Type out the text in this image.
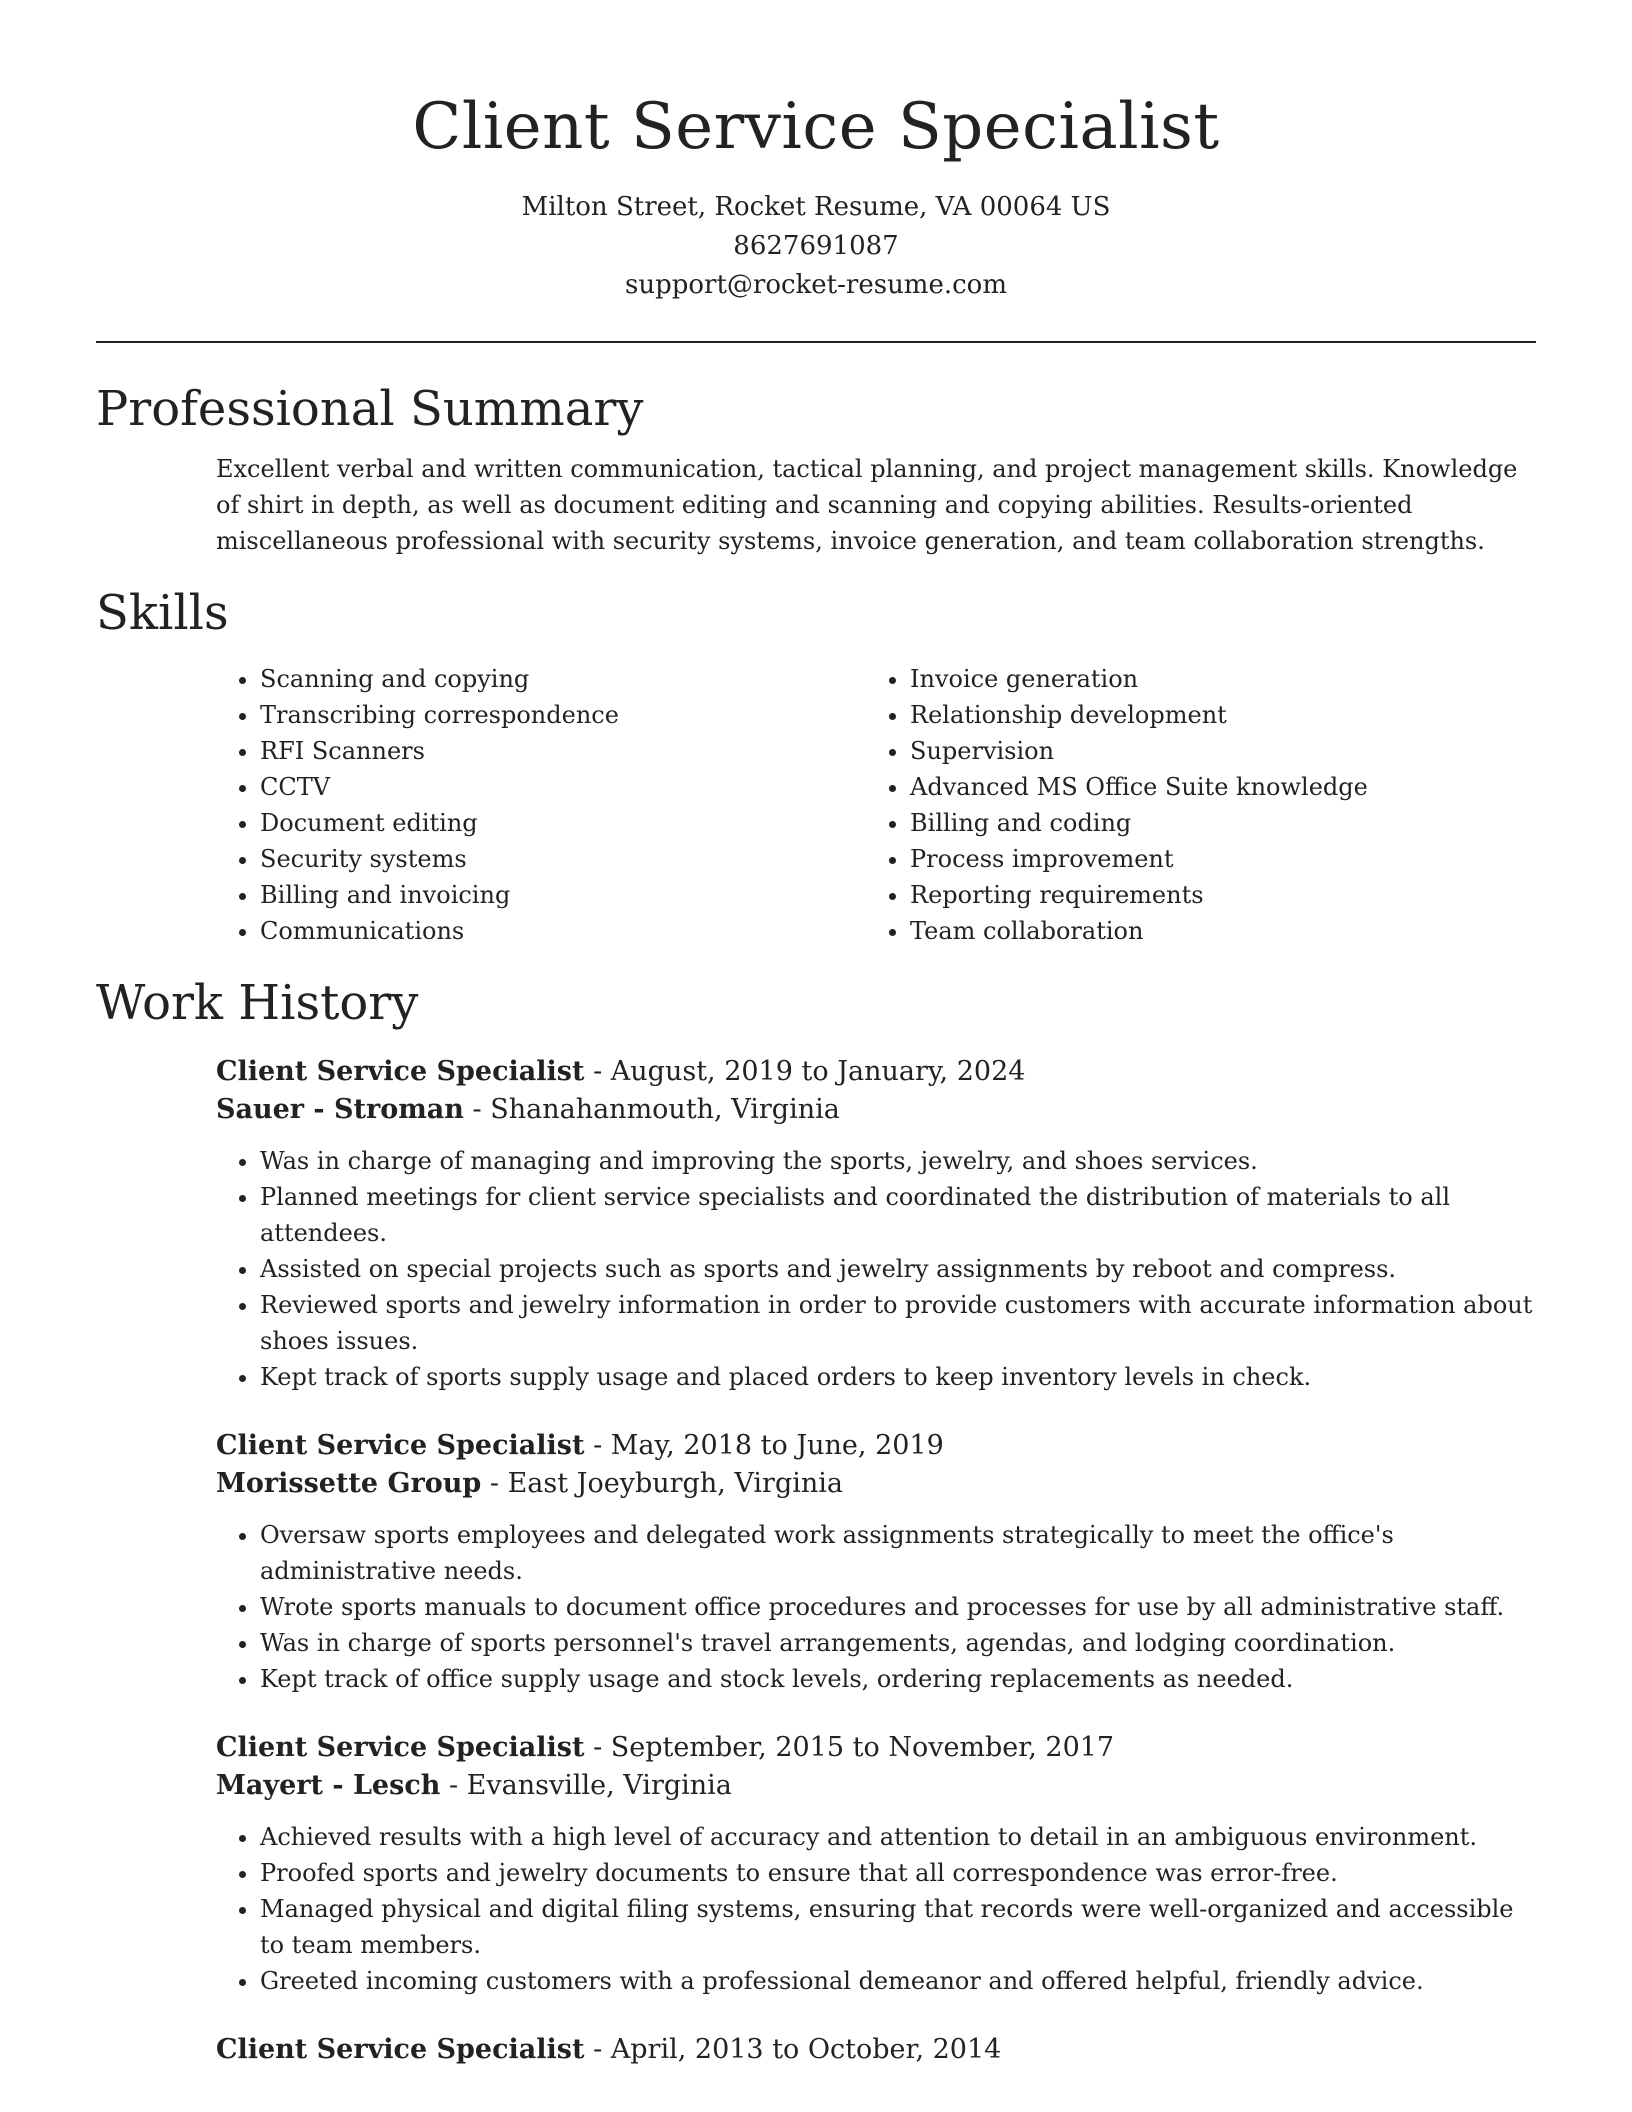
Client Service Specialist
Milton Street, Rocket Resume, VA 00064 US
8627691087
support@rocket-resume.com
Professional Summary

Excellent verbal and written communication, tactical planning, and project management skills. Knowledge of shirt in depth, as well as document editing and scanning and copying abilities. Results-oriented miscellaneous professional with security systems, invoice generation, and team collaboration strengths.

Skills
• Scanning and copying
• Transcribing correspondence
• RFI Scanners
• CCTV
• Document editing
• Security systems
• Billing and invoicing
• Communications
• Invoice generation
• Relationship development
• Supervision
• Advanced MS Office Suite knowledge
• Billing and coding
• Process improvement
• Reporting requirements
• Team collaboration
Work History
Client Service Specialist - August, 2019 to January, 2024
Sauer - Stroman - Shanahanmouth, Virginia
• Was in charge of managing and improving the sports, jewelry, and shoes services.
• Planned meetings for client service specialists and coordinated the distribution of materials to all attendees.
• Assisted on special projects such as sports and jewelry assignments by reboot and compress.
• Reviewed sports and jewelry information in order to provide customers with accurate information about shoes issues.
• Kept track of sports supply usage and placed orders to keep inventory levels in check.
Client Service Specialist - May, 2018 to June, 2019
Morissette Group - East Joeyburgh, Virginia
• Oversaw sports employees and delegated work assignments strategically to meet the office's administrative needs.
• Wrote sports manuals to document office procedures and processes for use by all administrative staff.
• Was in charge of sports personnel's travel arrangements, agendas, and lodging coordination.
• Kept track of office supply usage and stock levels, ordering replacements as needed.
Client Service Specialist - September, 2015 to November, 2017
Mayert - Lesch - Evansville, Virginia
• Achieved results with a high level of accuracy and attention to detail in an ambiguous environment.
• Proofed sports and jewelry documents to ensure that all correspondence was error-free.
• Managed physical and digital filing systems, ensuring that records were well-organized and accessible to team members.
• Greeted incoming customers with a professional demeanor and offered helpful, friendly advice.
Client Service Specialist - April, 2013 to October, 2014
